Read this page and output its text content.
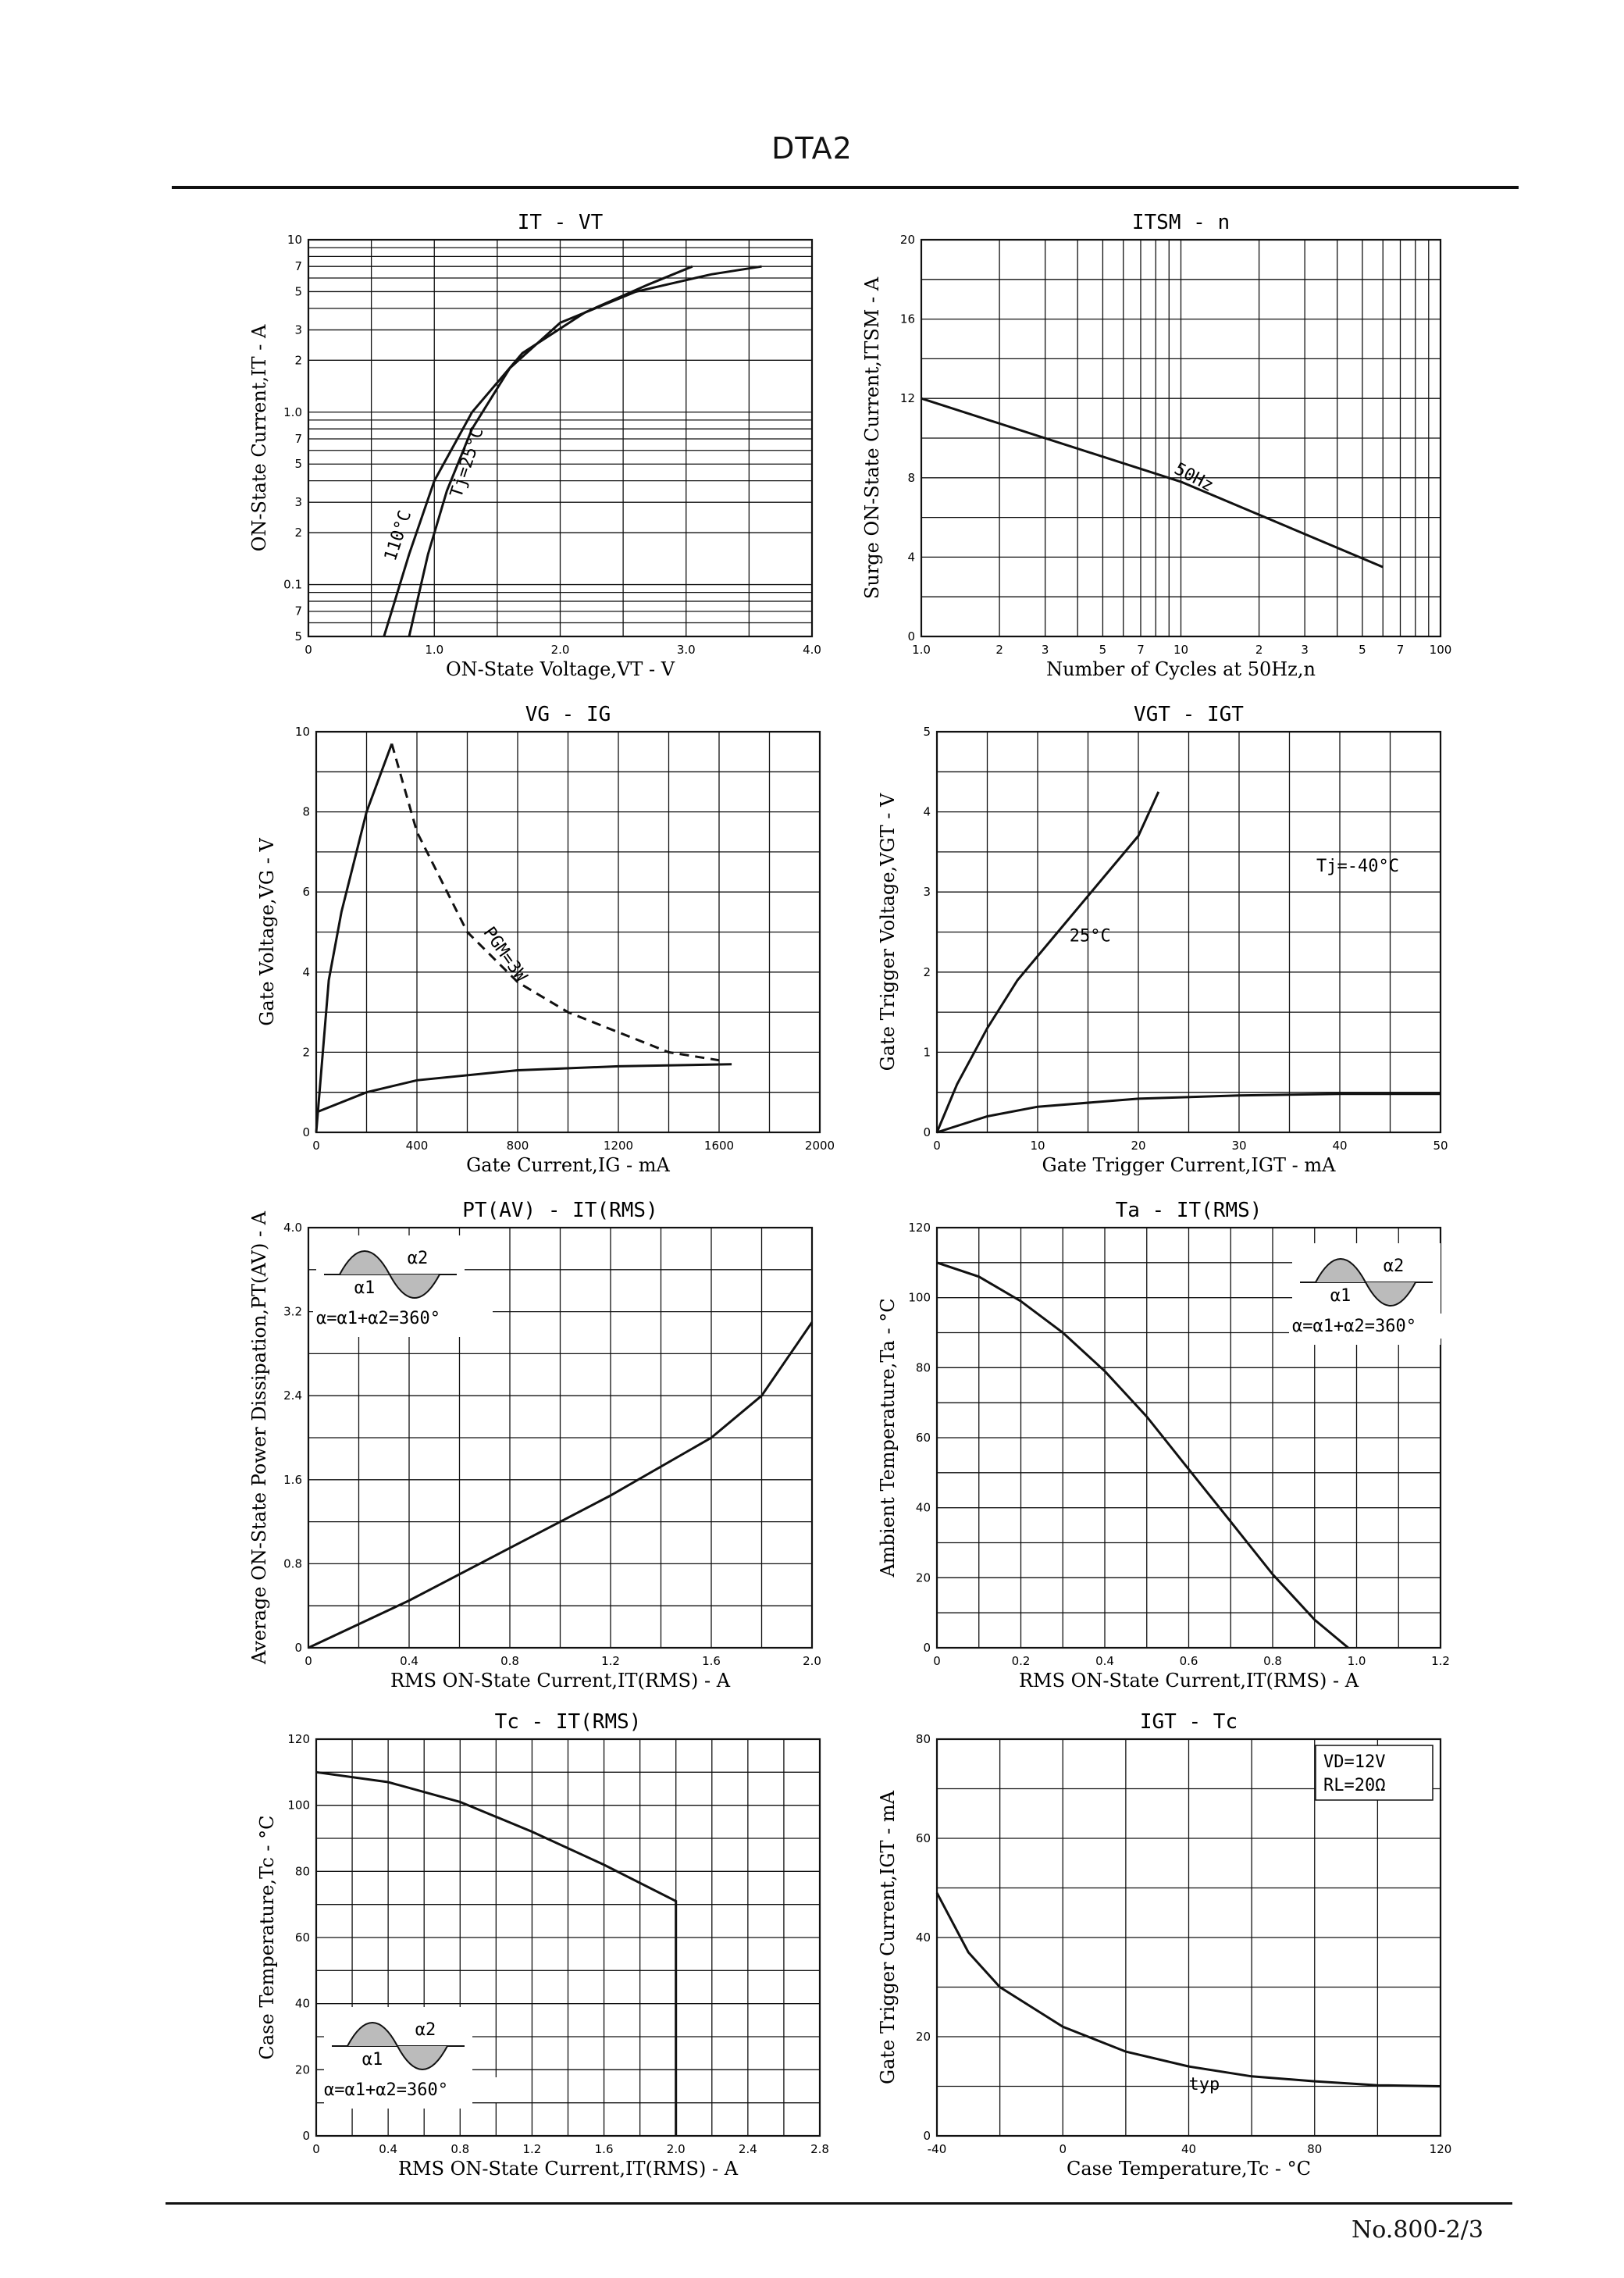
DTA2
IT - VT
0	1.0	2.0	3.0	4.0
10
7
5
3
2
1.0
7
5
3
2
0.1
7
5
ON-State Voltage,VT - V
ON-State Current,IT - A	110°C
Tj=25°C
ITSM - n
1.0	2	3	5	7 10	2	3	5	7 100
0
4
8
12
16
20
Number of Cycles at 50Hz,n
Surge ON-State Current,ITSM - A	50Hz
VG - IG
0	400	800	1200	1600	2000
0
2
4
6
8
10
Gate Current,IG - mA
Gate Voltage,VG - V	PGM=3W
VGT - IGT
0	10	20	30	40	50
0
1
2
3
4
5
Gate Trigger Current,IGT - mA
Gate Trigger Voltage,VGT - V	25°C
Tj=-40°C
PT(AV) - IT(RMS)
0	0.4	0.8	1.2	1.6	2.0
0
0.8
1.6
2.4
3.2
4.0
RMS ON-State Current,IT(RMS) - A
Average ON-State Power Dissipation,PT(AV) - A	α1
α2
α=α1+α2=360°
Ta - IT(RMS)
0	0.2	0.4	0.6	0.8	1.0	1.2
0
20
40
60
80
100
120
RMS ON-State Current,IT(RMS) - A
Ambient Temperature,Ta - °C
α1
α2
α=α1+α2=360°
Tc - IT(RMS)
0	0.4	0.8	1.2	1.6	2.0	2.4	2.8
0
20
40
60
80
100
120
RMS ON-State Current,IT(RMS) - A
Case Temperature,Tc - °C	α1
α2
α=α1+α2=360°
IGT - Tc
-40	0	40	80	120
0
20
40
60
80
Case Temperature,Tc - °C
Gate Trigger Current,IGT - mA
typ
VD=12V
RL=20Ω
No.800-2/3
